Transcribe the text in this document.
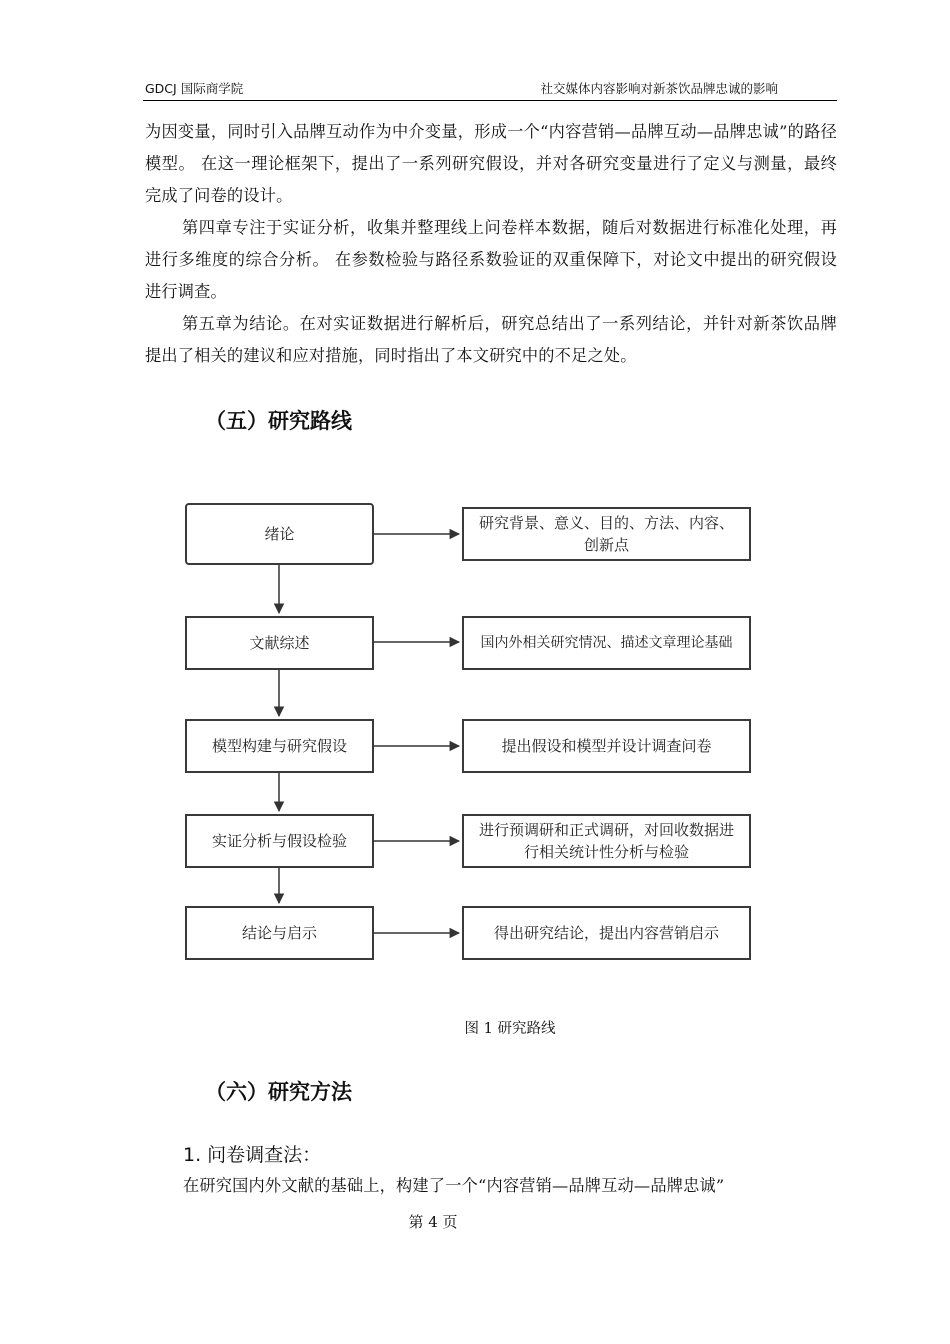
GDCJ 国际商学院	社交媒体内容影响对新茶饮品牌忠诚的影响

为因变量，同时引入品牌互动作为中介变量，形成一个“内容营销—品牌互动—品牌忠诚”的路径模型。 在这一理论框架下，提出了一系列研究假设，并对各研究变量进行了定义与测量，最终完成了问卷的设计。

第四章专注于实证分析，收集并整理线上问卷样本数据，随后对数据进行标准化处理，再进行多维度的综合分析。 在参数检验与路径系数验证的双重保障下，对论文中提出的研究假设进行调查。

第五章为结论。在对实证数据进行解析后，研究总结出了一系列结论，并针对新茶饮品牌提出了相关的建议和应对措施，同时指出了本文研究中的不足之处。

（五）研究路线
绪论
研究背景、意义、目的、方法、内容、创新点
文献综述	国内外相关研究情况、描述文章理论基础
模型构建与研究假设	提出假设和模型并设计调查问卷
实证分析与假设检验
进行预调研和正式调研，对回收数据进行相关统计性分析与检验
结论与启示	得出研究结论，提出内容营销启示
图 1 研究路线
（六）研究方法
1. 问卷调查法：

在研究国内外文献的基础上，构建了一个“内容营销—品牌互动—品牌忠诚”

第 4 页
